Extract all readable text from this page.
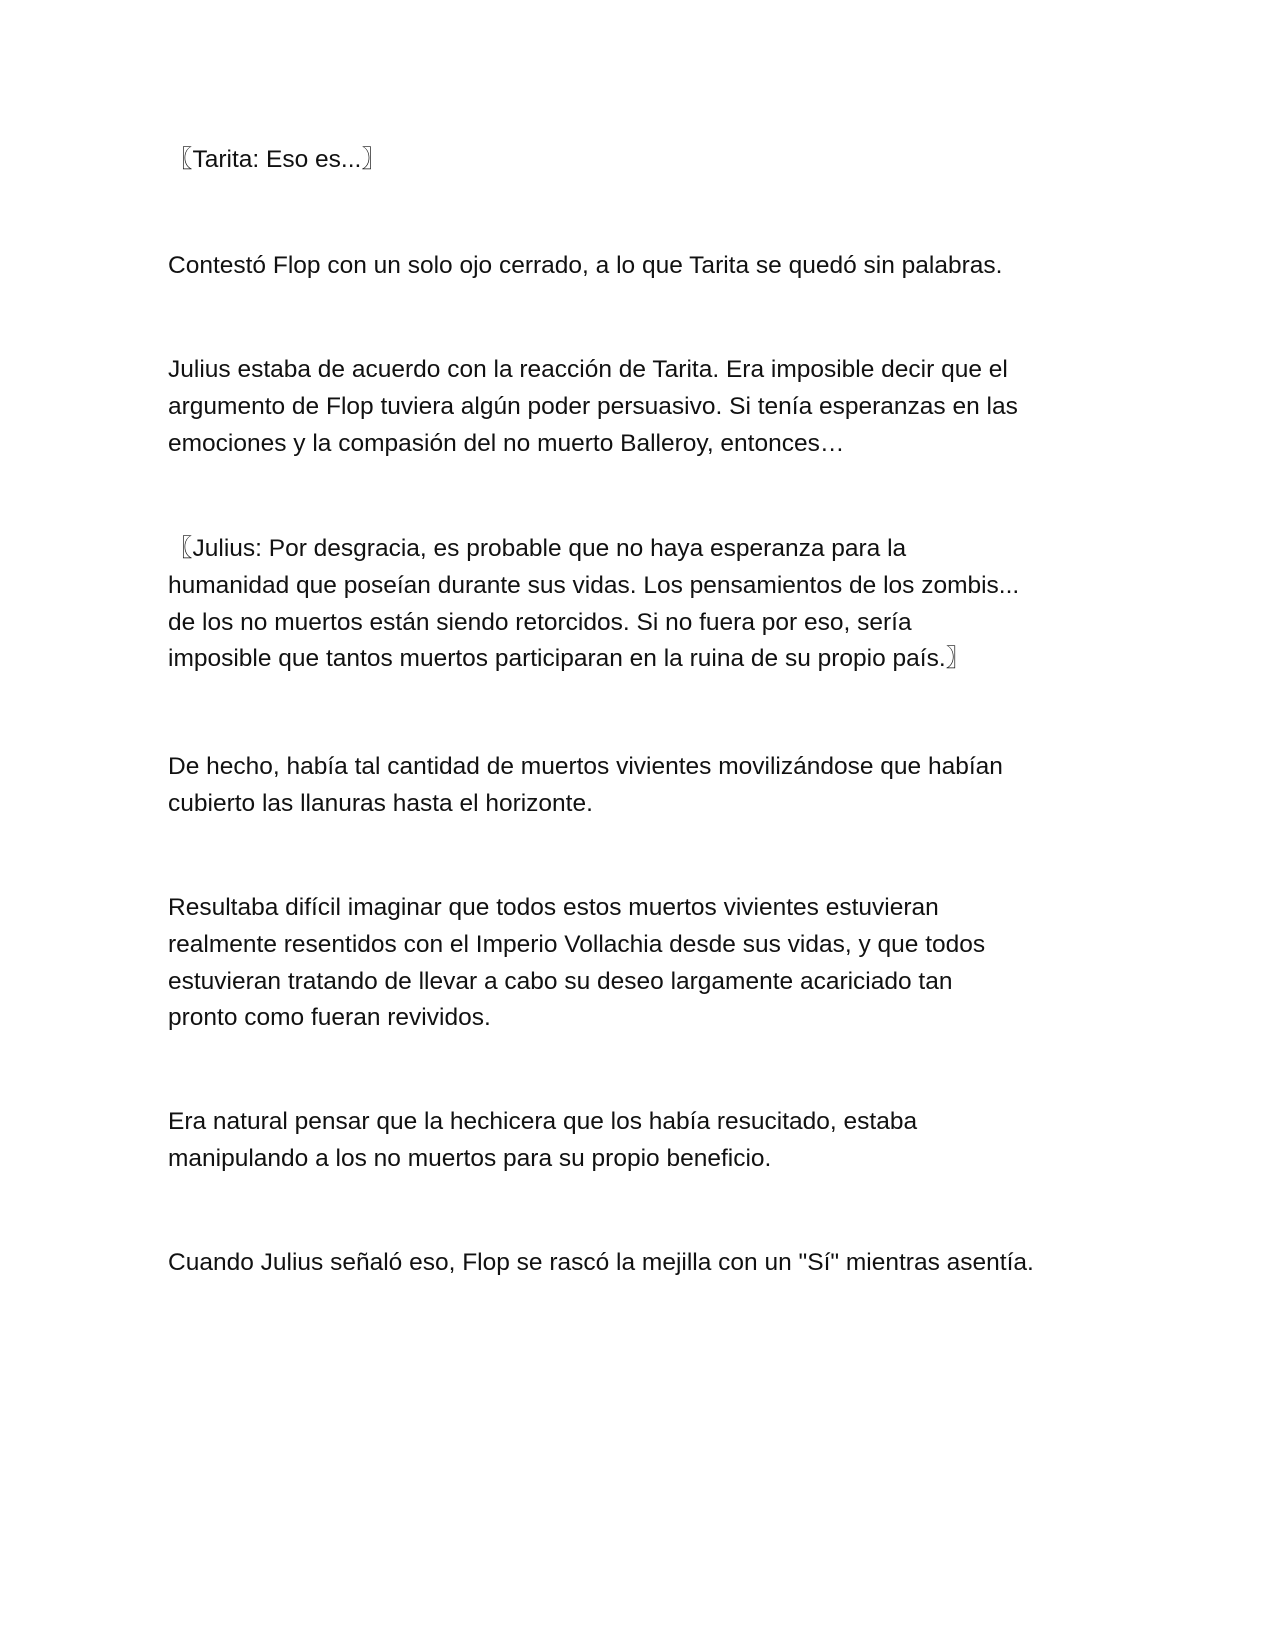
〖Tarita: Eso es...〗

Contestó Flop con un solo ojo cerrado, a lo que Tarita se quedó sin palabras.

Julius estaba de acuerdo con la reacción de Tarita. Era imposible decir que el
argumento de Flop tuviera algún poder persuasivo. Si tenía esperanzas en las
emociones y la compasión del no muerto Balleroy, entonces…

〖Julius: Por desgracia, es probable que no haya esperanza para la
humanidad que poseían durante sus vidas. Los pensamientos de los zombis...
de los no muertos están siendo retorcidos. Si no fuera por eso, sería
imposible que tantos muertos participaran en la ruina de su propio país.〗

De hecho, había tal cantidad de muertos vivientes movilizándose que habían
cubierto las llanuras hasta el horizonte.

Resultaba difícil imaginar que todos estos muertos vivientes estuvieran
realmente resentidos con el Imperio Vollachia desde sus vidas, y que todos
estuvieran tratando de llevar a cabo su deseo largamente acariciado tan
pronto como fueran revividos.

Era natural pensar que la hechicera que los había resucitado, estaba
manipulando a los no muertos para su propio beneficio.

Cuando Julius señaló eso, Flop se rascó la mejilla con un "Sí" mientras asentía.
